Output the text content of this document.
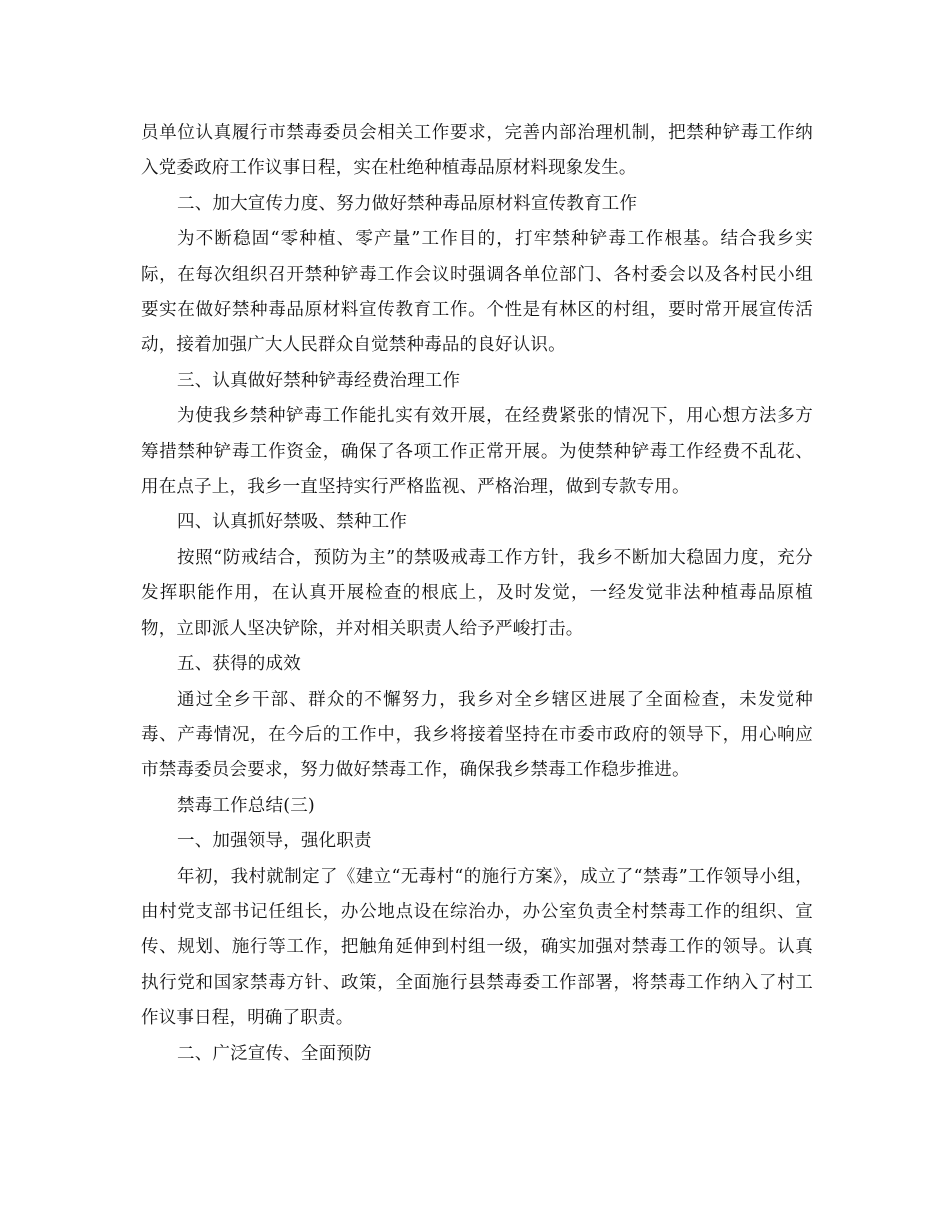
员单位认真履行市禁毒委员会相关工作要求，完善内部治理机制，把禁种铲毒工作纳入党委政府工作议事日程，实在杜绝种植毒品原材料现象发生。

二、加大宣传力度、努力做好禁种毒品原材料宣传教育工作

为不断稳固“零种植、零产量”工作目的，打牢禁种铲毒工作根基。结合我乡实际，在每次组织召开禁种铲毒工作会议时强调各单位部门、各村委会以及各村民小组要实在做好禁种毒品原材料宣传教育工作。个性是有林区的村组，要时常开展宣传活动，接着加强广大人民群众自觉禁种毒品的良好认识。

三、认真做好禁种铲毒经费治理工作

为使我乡禁种铲毒工作能扎实有效开展，在经费紧张的情况下，用心想方法多方筹措禁种铲毒工作资金，确保了各项工作正常开展。为使禁种铲毒工作经费不乱花、用在点子上，我乡一直坚持实行严格监视、严格治理，做到专款专用。

四、认真抓好禁吸、禁种工作

按照“防戒结合，预防为主”的禁吸戒毒工作方针，我乡不断加大稳固力度，充分发挥职能作用，在认真开展检查的根底上，及时发觉，一经发觉非法种植毒品原植物，立即派人坚决铲除，并对相关职责人给予严峻打击。

五、获得的成效

通过全乡干部、群众的不懈努力，我乡对全乡辖区进展了全面检查，未发觉种毒、产毒情况，在今后的工作中，我乡将接着坚持在市委市政府的领导下，用心响应市禁毒委员会要求，努力做好禁毒工作，确保我乡禁毒工作稳步推进。

禁毒工作总结(三)

一、加强领导，强化职责

年初，我村就制定了《建立“无毒村“的施行方案》，成立了“禁毒”工作领导小组，由村党支部书记任组长，办公地点设在综治办，办公室负责全村禁毒工作的组织、宣传、规划、施行等工作，把触角延伸到村组一级，确实加强对禁毒工作的领导。认真执行党和国家禁毒方针、政策，全面施行县禁毒委工作部署，将禁毒工作纳入了村工作议事日程，明确了职责。

二、广泛宣传、全面预防
